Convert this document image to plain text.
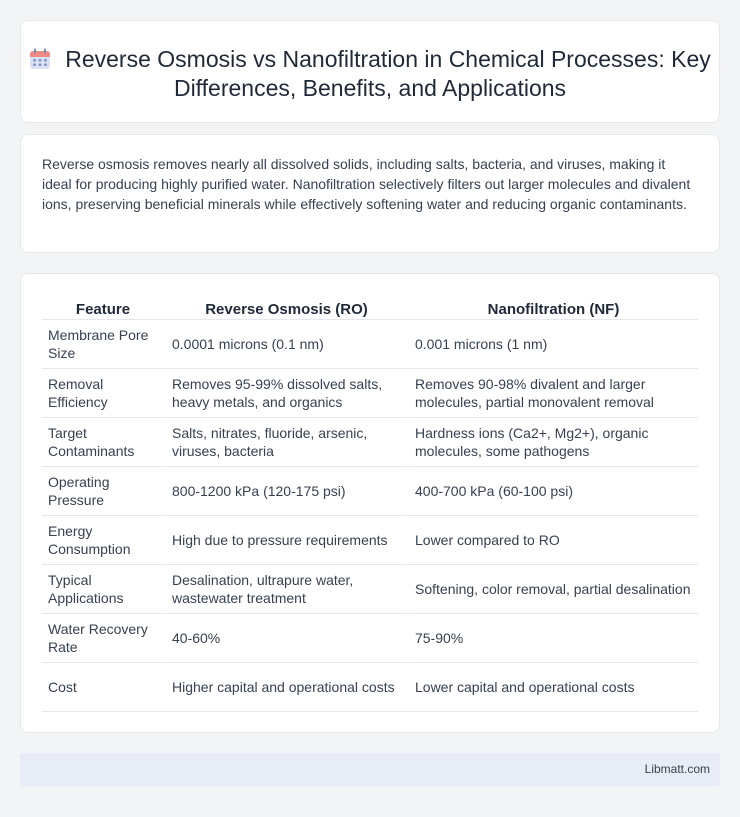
Reverse Osmosis vs Nanofiltration in Chemical Processes: Key Differences, Benefits, and Applications

Reverse osmosis removes nearly all dissolved solids, including salts, bacteria, and viruses, making it ideal for producing highly purified water. Nanofiltration selectively filters out larger molecules and divalent ions, preserving beneficial minerals while effectively softening water and reducing organic contaminants.

Feature	Reverse Osmosis (RO)	Nanofiltration (NF)
Membrane Pore Size	0.0001 microns (0.1 nm)	0.001 microns (1 nm)
Removal Efficiency	Removes 95-99% dissolved salts, heavy metals, and organics	Removes 90-98% divalent and larger molecules, partial monovalent removal
Target Contaminants	Salts, nitrates, fluoride, arsenic, viruses, bacteria	Hardness ions (Ca2+, Mg2+), organic molecules, some pathogens
Operating Pressure	800-1200 kPa (120-175 psi)	400-700 kPa (60-100 psi)
Energy Consumption	High due to pressure requirements	Lower compared to RO
Typical Applications	Desalination, ultrapure water, wastewater treatment	Softening, color removal, partial desalination
Water Recovery Rate	40-60%	75-90%
Cost	Higher capital and operational costs	Lower capital and operational costs
Libmatt.com
